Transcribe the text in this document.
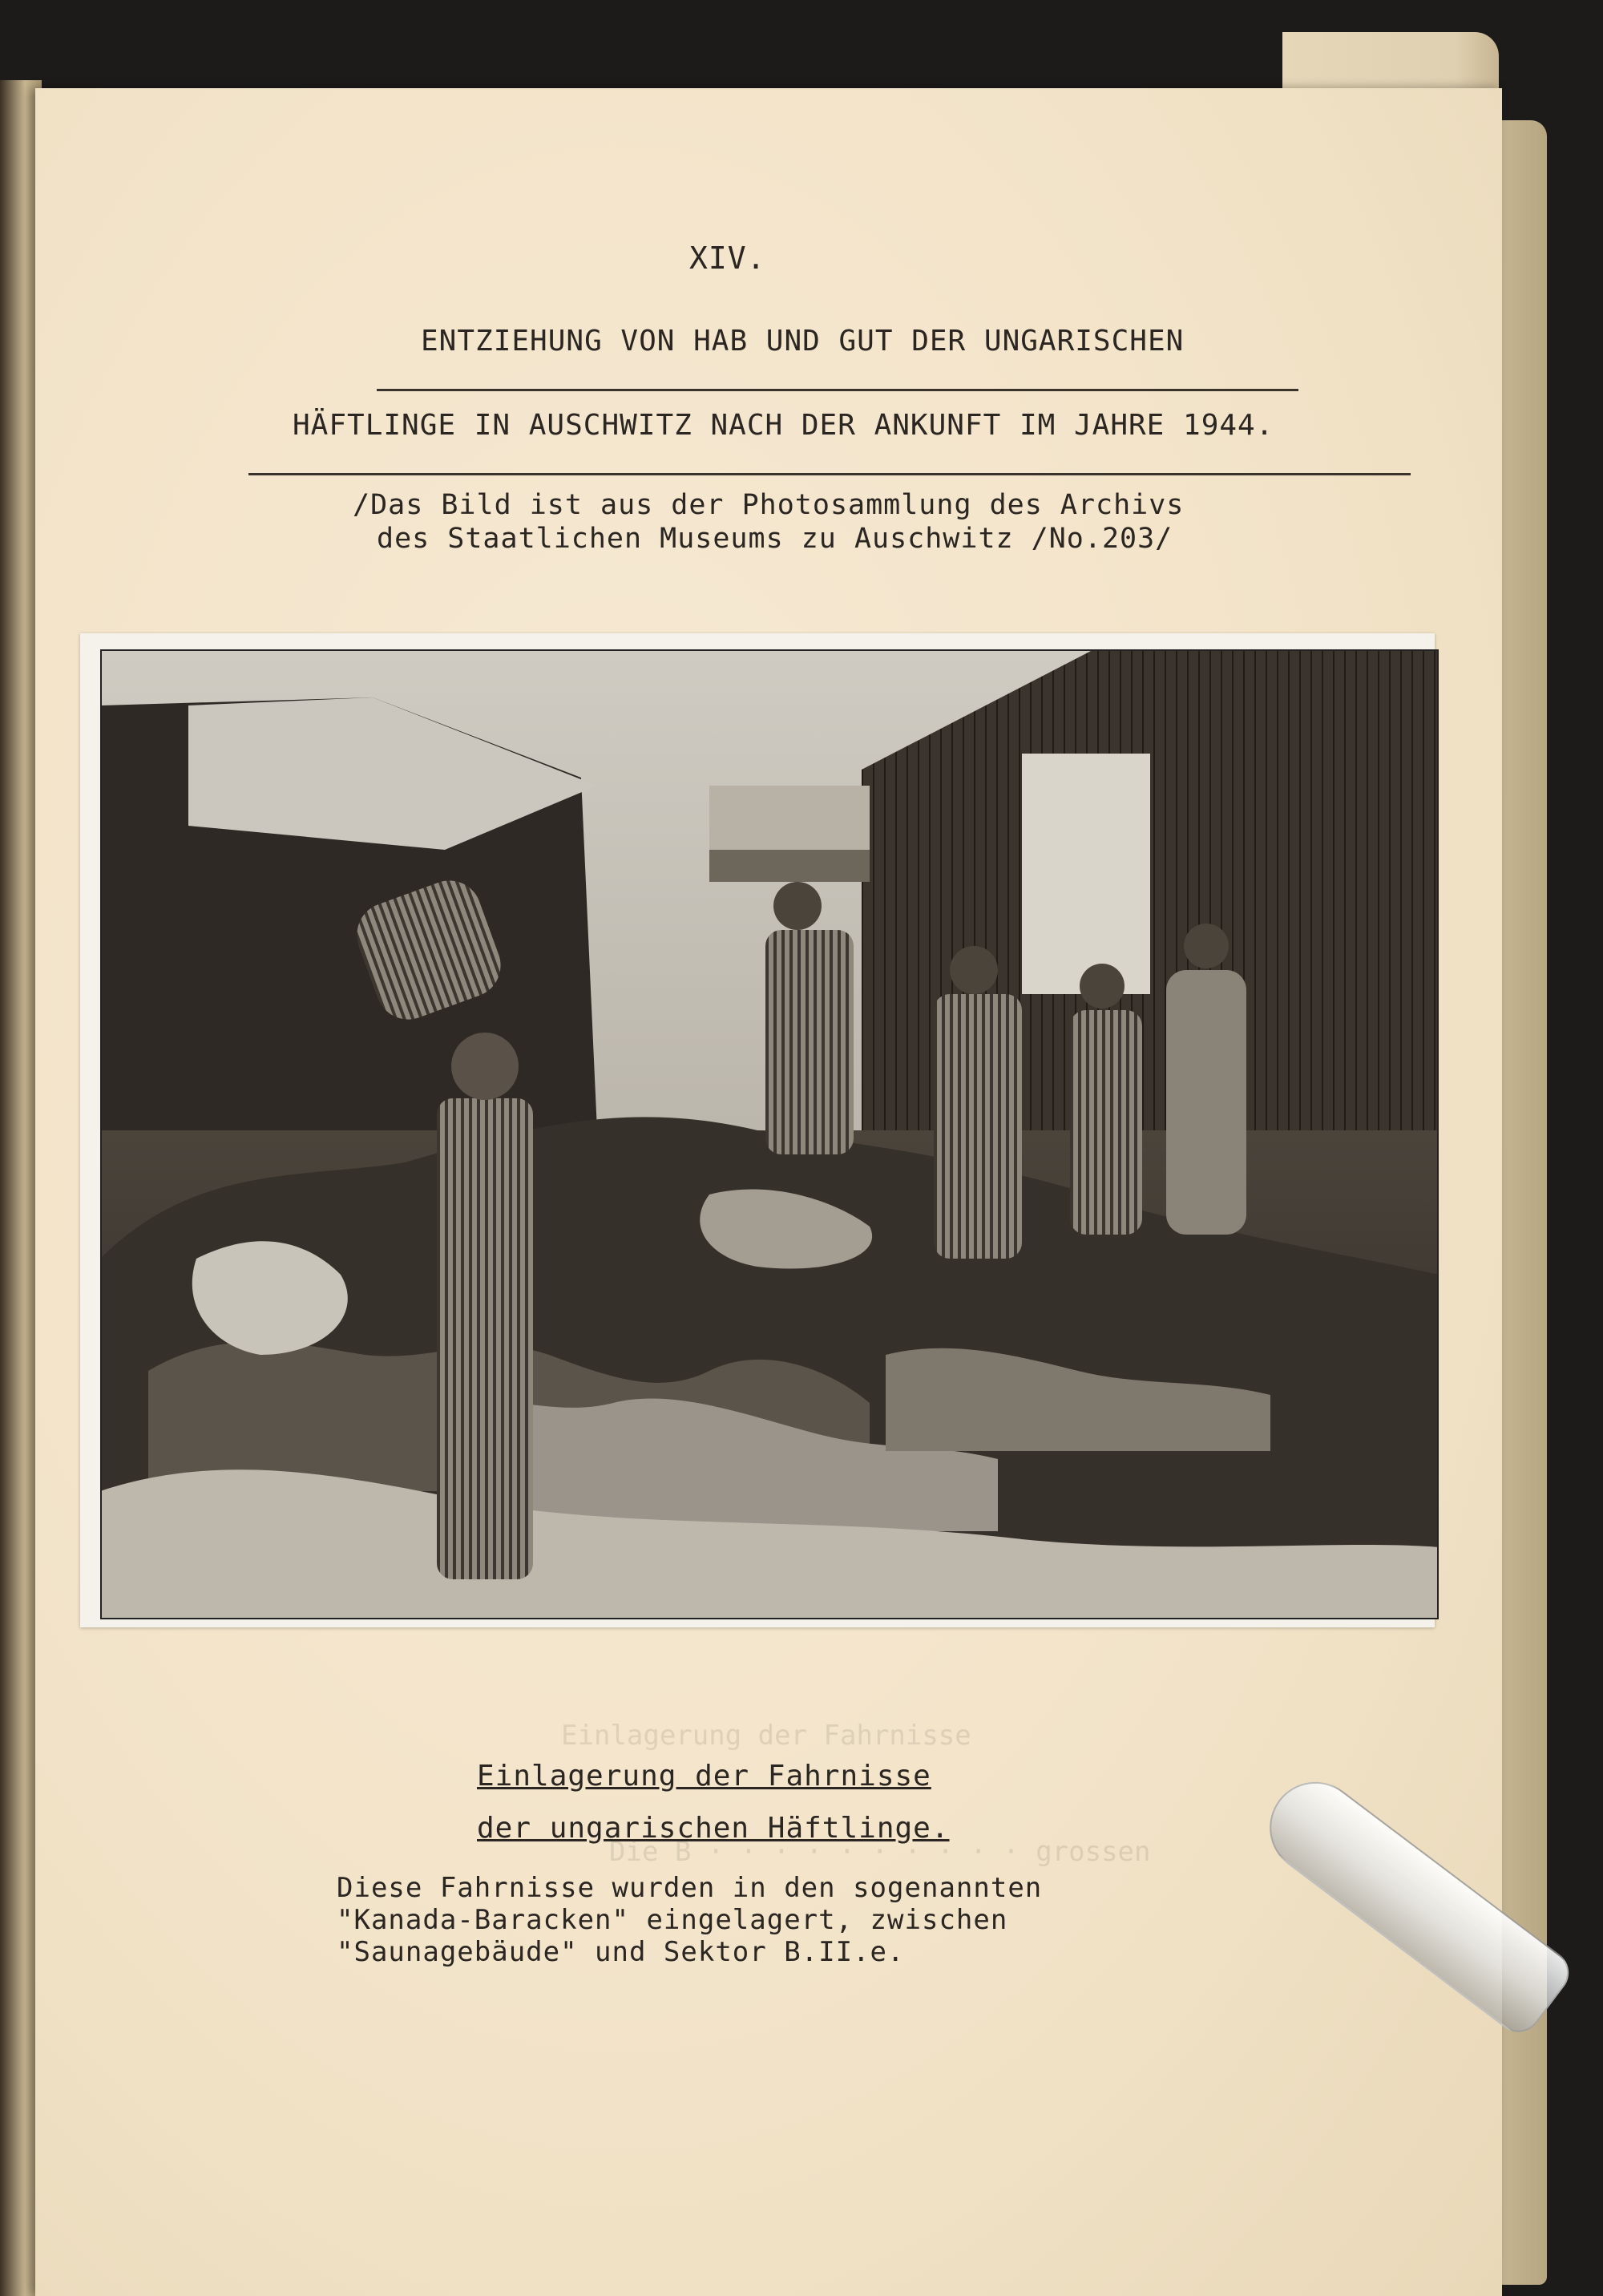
XIV.
ENTZIEHUNG VON HAB UND GUT DER UNGARISCHEN
HÄFTLINGE IN AUSCHWITZ NACH DER ANKUNFT IM JAHRE 1944.
/Das Bild ist aus der Photosammlung des Archivs
des Staatlichen Museums zu Auschwitz /No.203/
Einlagerung der Fahrnisse
Die B · · · · · · · · · · grossen
Einlagerung der Fahrnisse
der ungarischen Häftlinge.
Diese Fahrnisse wurden in den sogenannten
"Kanada-Baracken" eingelagert, zwischen
"Saunagebäude" und Sektor B.II.e.
